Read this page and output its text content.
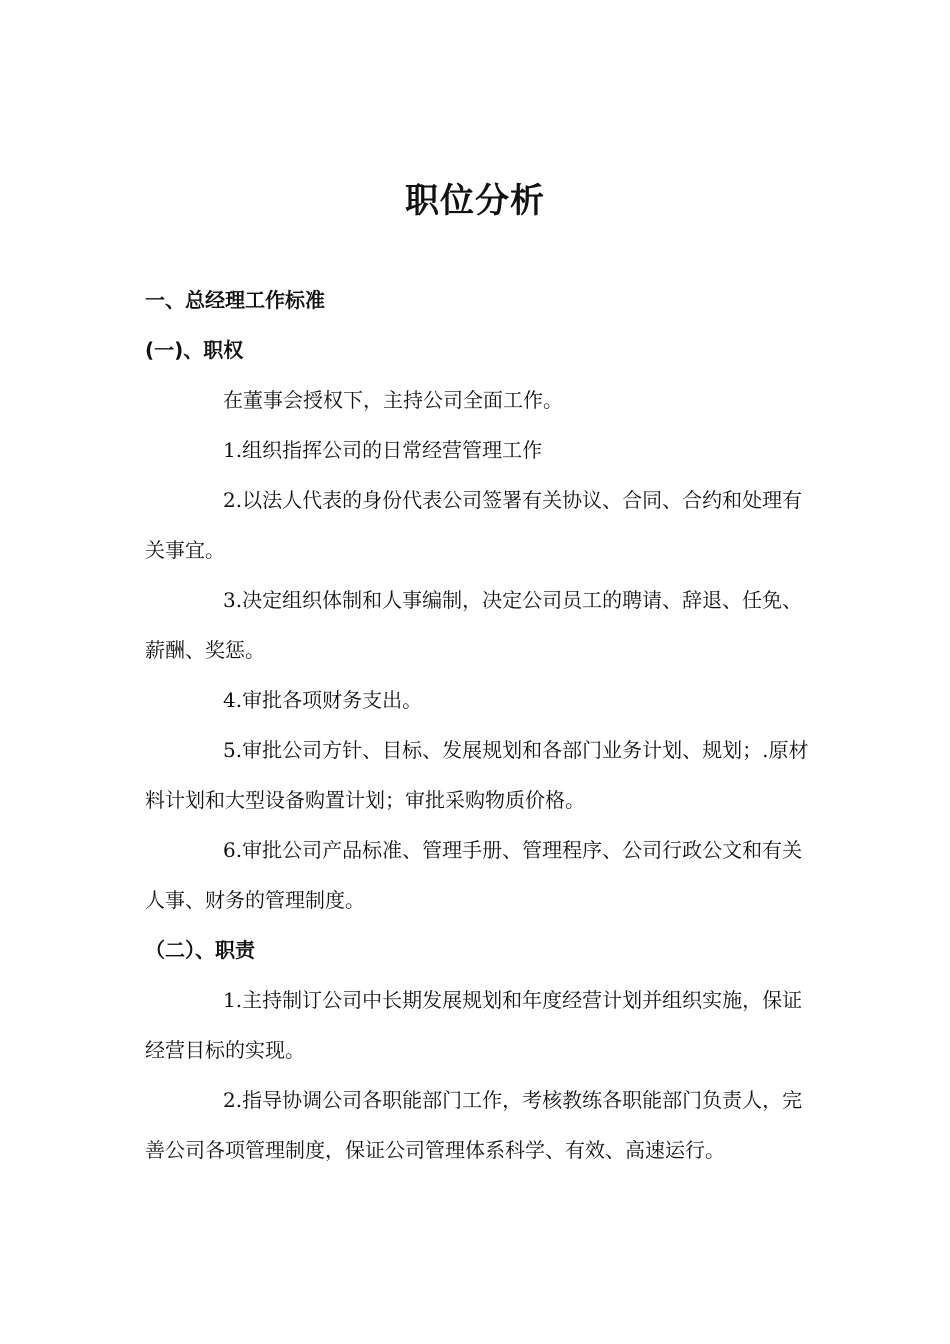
职位分析

一、总经理工作标准

(一)、职权

在董事会授权下，主持公司全面工作。

1.组织指挥公司的日常经营管理工作

2.以法人代表的身份代表公司签署有关协议、合同、合约和处理有关事宜。

3.决定组织体制和人事编制，决定公司员工的聘请、辞退、任免、薪酬、奖惩。

4.审批各项财务支出。

5.审批公司方针、目标、发展规划和各部门业务计划、规划；.原材料计划和大型设备购置计划；审批采购物质价格。

6.审批公司产品标准、管理手册、管理程序、公司行政公文和有关人事、财务的管理制度。

（二）、职责

1.主持制订公司中长期发展规划和年度经营计划并组织实施，保证经营目标的实现。

2.指导协调公司各职能部门工作，考核教练各职能部门负责人，完善公司各项管理制度，保证公司管理体系科学、有效、高速运行。
